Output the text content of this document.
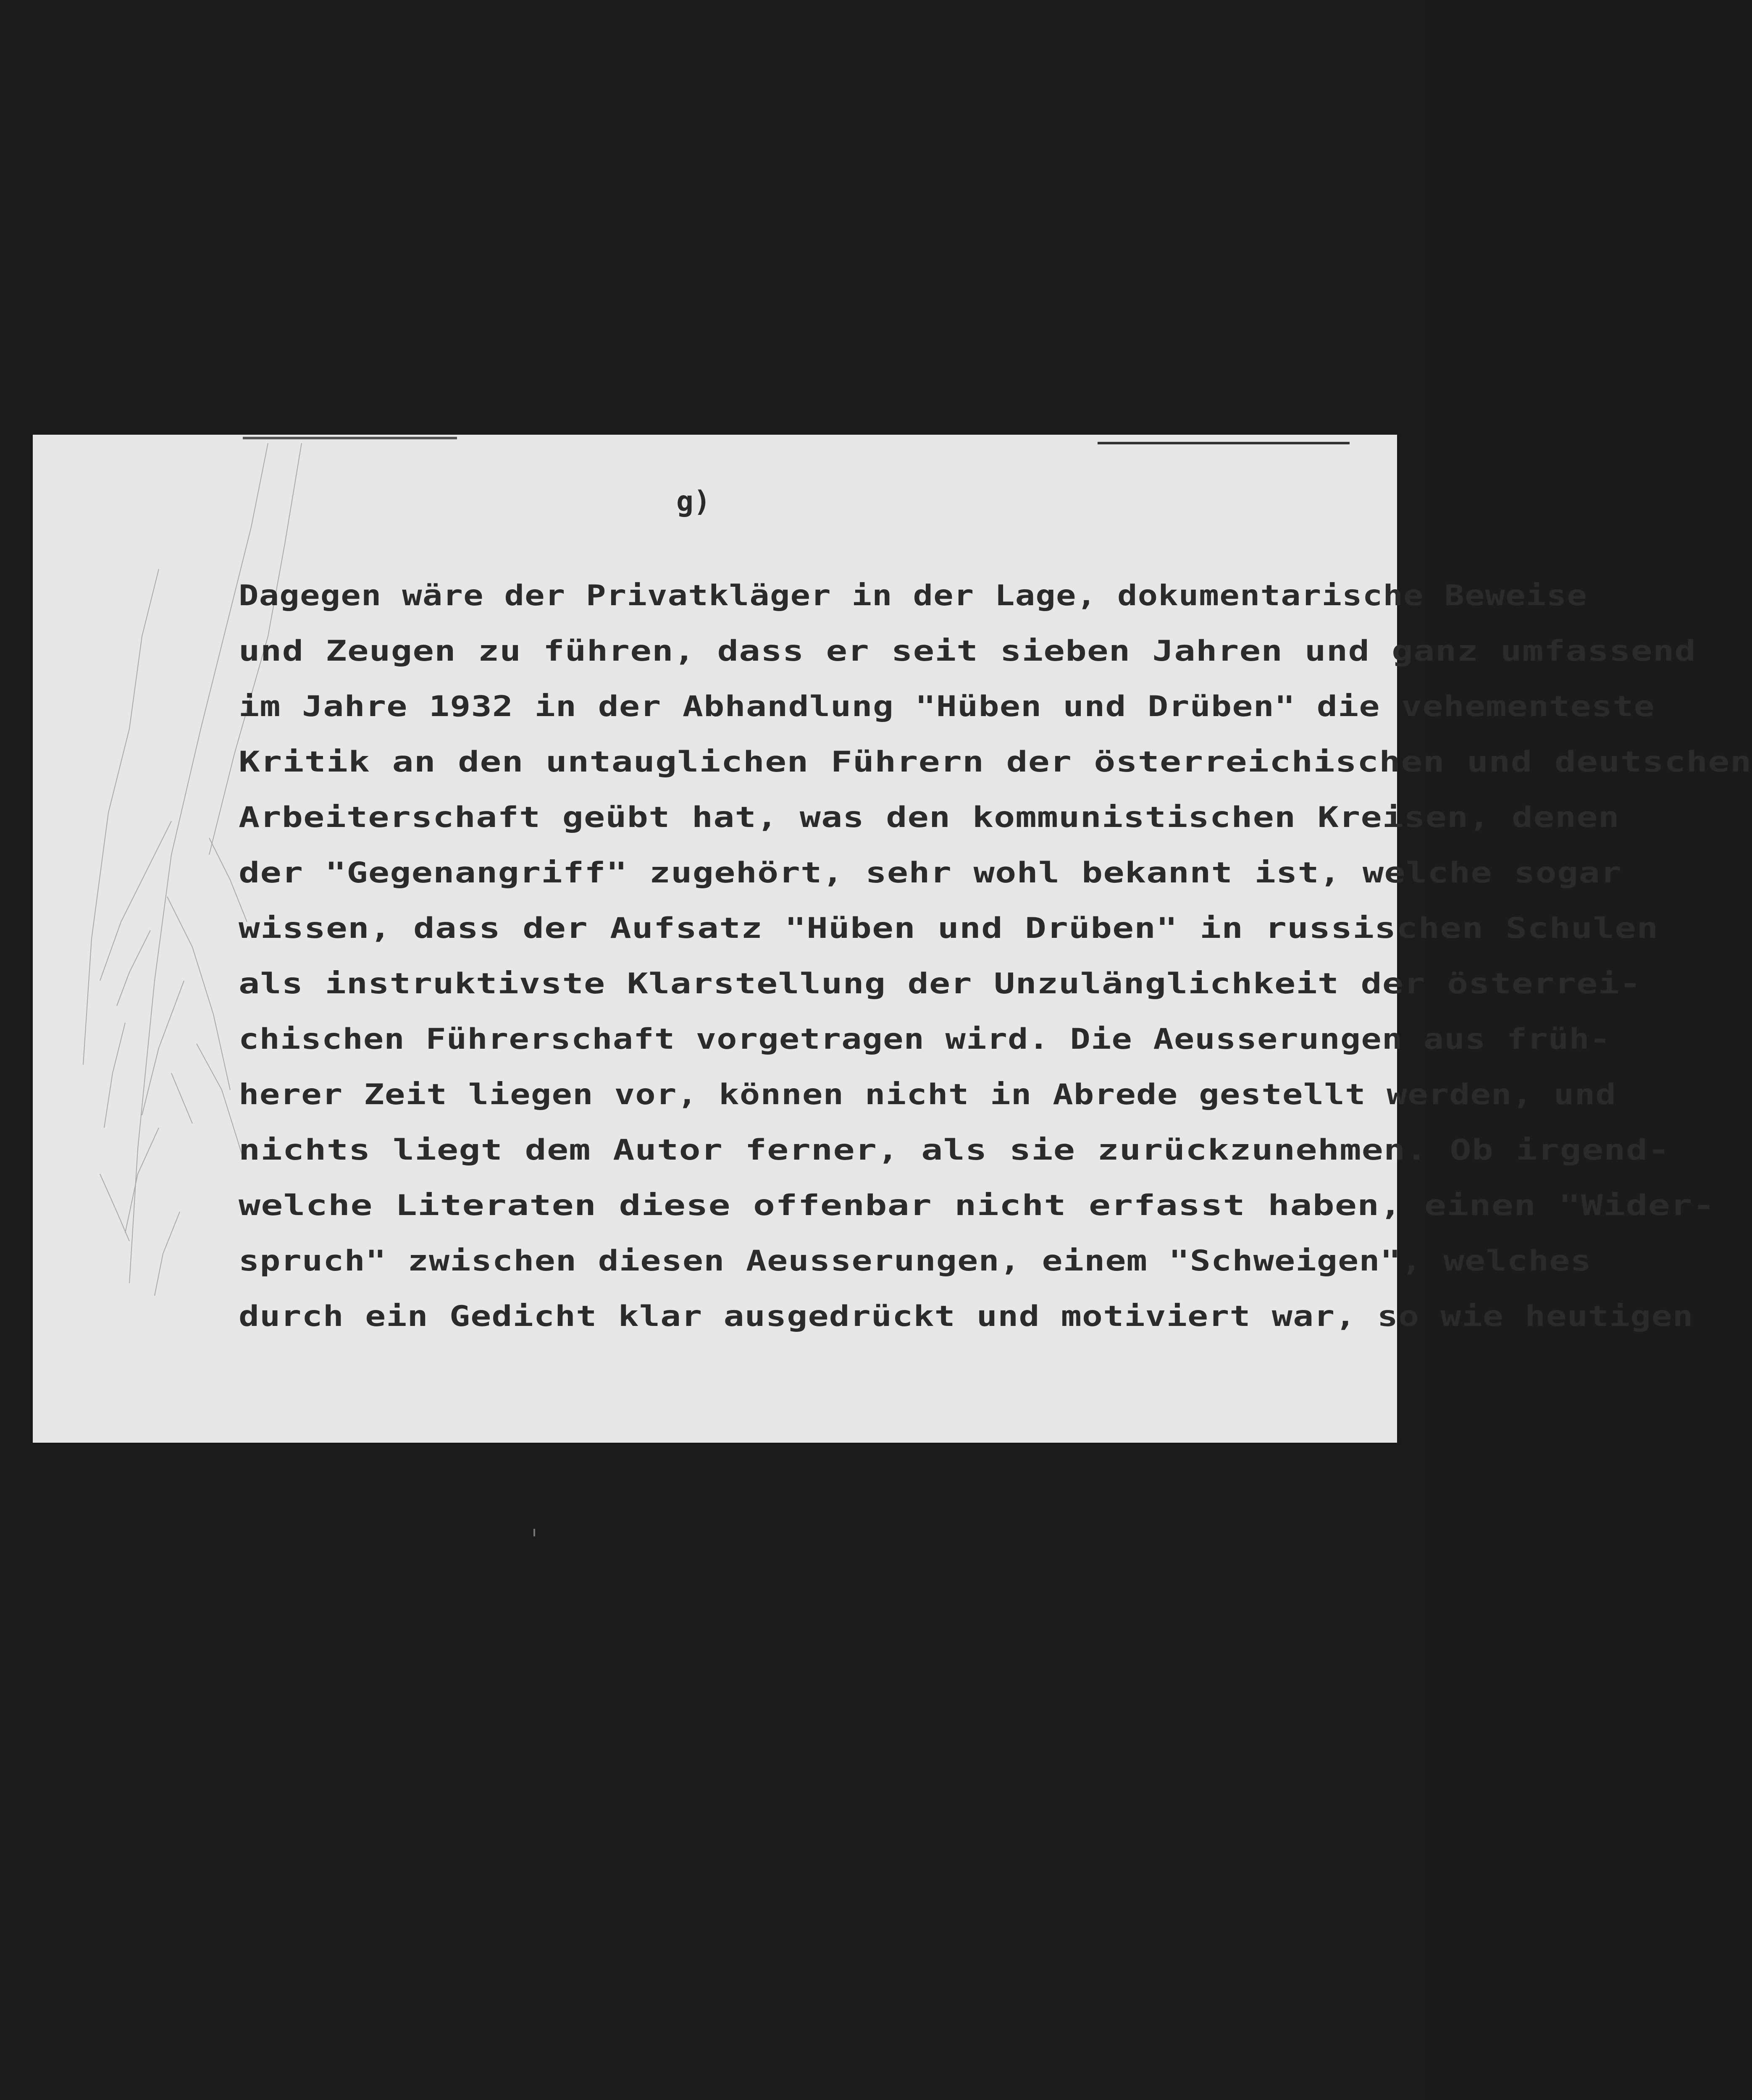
g)
Dagegen wäre der Privatkläger in der Lage, dokumentarische Beweise
und Zeugen zu führen, dass er seit sieben Jahren und ganz umfassend
im Jahre 1932 in der Abhandlung "Hüben und Drüben" die vehementeste
Kritik an den untauglichen Führern der österreichischen und deutschen
Arbeiterschaft geübt hat, was den kommunistischen Kreisen, denen
der "Gegenangriff" zugehört, sehr wohl bekannt ist, welche sogar
wissen, dass der Aufsatz "Hüben und Drüben" in russischen Schulen
als instruktivste Klarstellung der Unzulänglichkeit der österrei-
chischen Führerschaft vorgetragen wird. Die Aeusserungen aus früh-
herer Zeit liegen vor, können nicht in Abrede gestellt werden, und
nichts liegt dem Autor ferner, als sie zurückzunehmen. Ob irgend-
welche Literaten diese offenbar nicht erfasst haben, einen "Wider-
spruch" zwischen diesen Aeusserungen, einem "Schweigen", welches
durch ein Gedicht klar ausgedrückt und motiviert war, so wie heutigen
